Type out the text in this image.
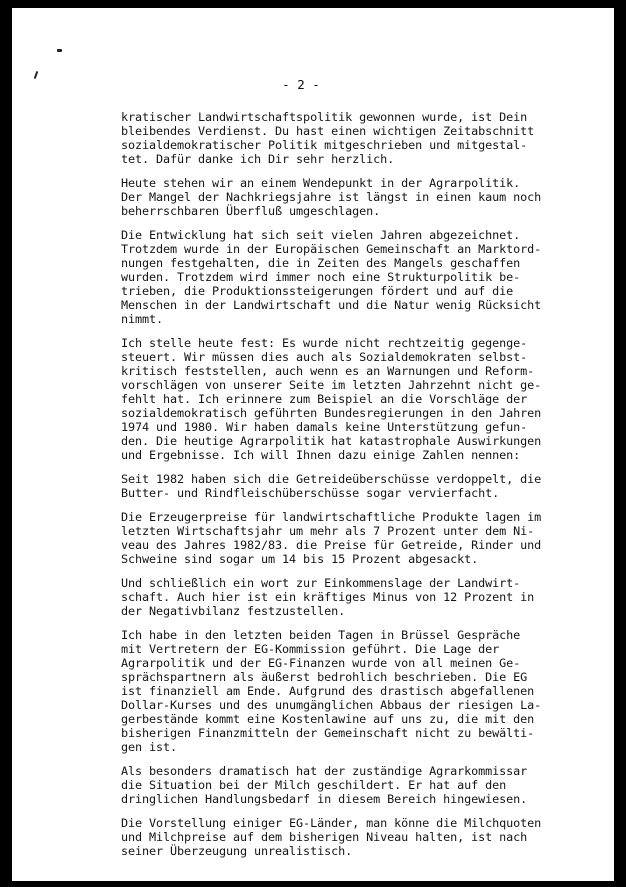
- 2 -

kratischer Landwirtschaftspolitik gewonnen wurde, ist Dein
bleibendes Verdienst. Du hast einen wichtigen Zeitabschnitt
sozialdemokratischer Politik mitgeschrieben und mitgestal-
tet. Dafür danke ich Dir sehr herzlich.

Heute stehen wir an einem Wendepunkt in der Agrarpolitik.
Der Mangel der Nachkriegsjahre ist längst in einen kaum noch
beherrschbaren Überfluß umgeschlagen.

Die Entwicklung hat sich seit vielen Jahren abgezeichnet.
Trotzdem wurde in der Europäischen Gemeinschaft an Marktord-
nungen festgehalten, die in Zeiten des Mangels geschaffen
wurden. Trotzdem wird immer noch eine Strukturpolitik be-
trieben, die Produktionssteigerungen fördert und auf die
Menschen in der Landwirtschaft und die Natur wenig Rücksicht
nimmt.

Ich stelle heute fest: Es wurde nicht rechtzeitig gegenge-
steuert. Wir müssen dies auch als Sozialdemokraten selbst-
kritisch feststellen, auch wenn es an Warnungen und Reform-
vorschlägen von unserer Seite im letzten Jahrzehnt nicht ge-
fehlt hat. Ich erinnere zum Beispiel an die Vorschläge der
sozialdemokratisch geführten Bundesregierungen in den Jahren
1974 und 1980. Wir haben damals keine Unterstützung gefun-
den. Die heutige Agrarpolitik hat katastrophale Auswirkungen
und Ergebnisse. Ich will Ihnen dazu einige Zahlen nennen:

Seit 1982 haben sich die Getreideüberschüsse verdoppelt, die
Butter- und Rindfleischüberschüsse sogar vervierfacht.

Die Erzeugerpreise für landwirtschaftliche Produkte lagen im
letzten Wirtschaftsjahr um mehr als 7 Prozent unter dem Ni-
veau des Jahres 1982/83. die Preise für Getreide, Rinder und
Schweine sind sogar um 14 bis 15 Prozent abgesackt.

Und schließlich ein wort zur Einkommenslage der Landwirt-
schaft. Auch hier ist ein kräftiges Minus von 12 Prozent in
der Negativbilanz festzustellen.

Ich habe in den letzten beiden Tagen in Brüssel Gespräche
mit Vertretern der EG-Kommission geführt. Die Lage der
Agrarpolitik und der EG-Finanzen wurde von all meinen Ge-
sprächspartnern als äußerst bedrohlich beschrieben. Die EG
ist finanziell am Ende. Aufgrund des drastisch abgefallenen
Dollar-Kurses und des unumgänglichen Abbaus der riesigen La-
gerbestände kommt eine Kostenlawine auf uns zu, die mit den
bisherigen Finanzmitteln der Gemeinschaft nicht zu bewälti-
gen ist.

Als besonders dramatisch hat der zuständige Agrarkommissar
die Situation bei der Milch geschildert. Er hat auf den
dringlichen Handlungsbedarf in diesem Bereich hingewiesen.

Die Vorstellung einiger EG-Länder, man könne die Milchquoten
und Milchpreise auf dem bisherigen Niveau halten, ist nach
seiner Überzeugung unrealistisch.
